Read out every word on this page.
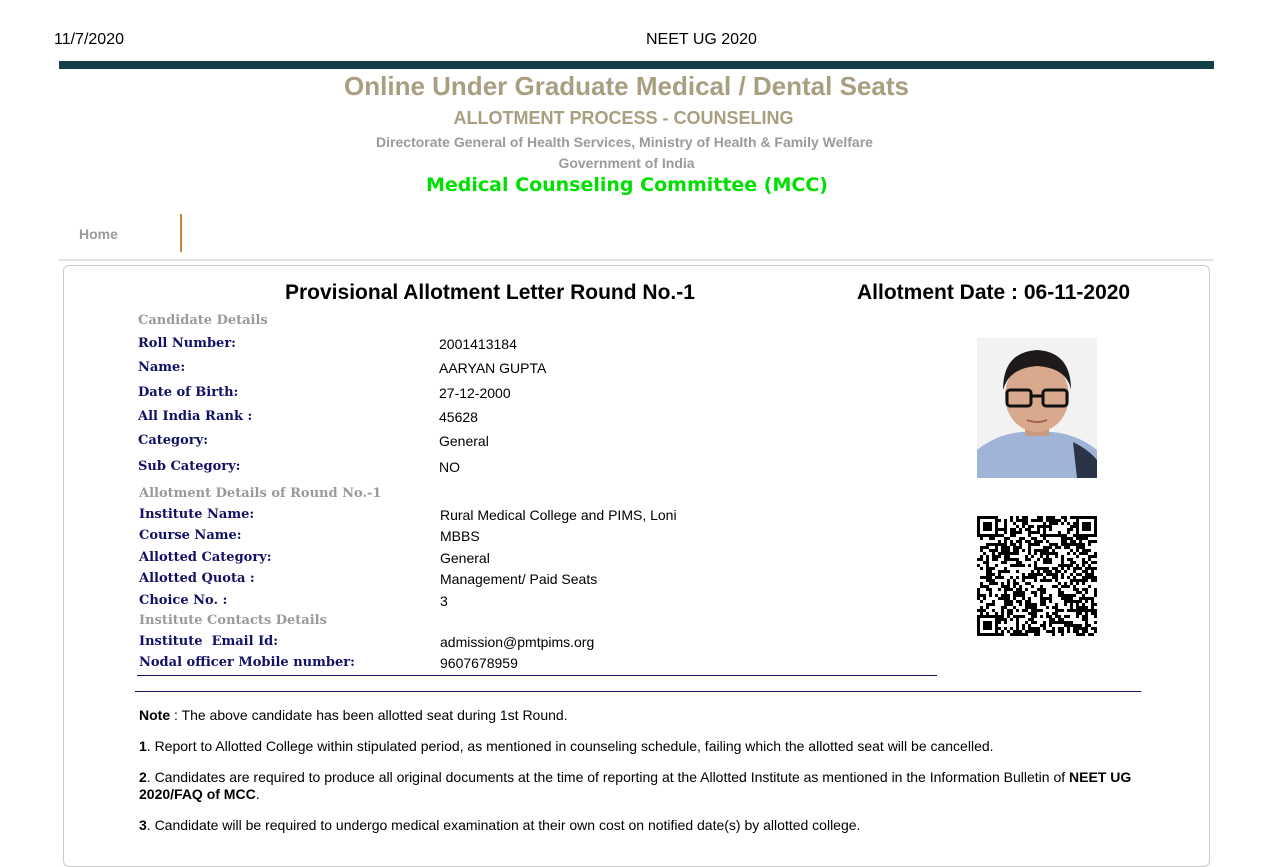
11/7/2020	NEET UG 2020
Online Under Graduate Medical / Dental Seats
ALLOTMENT PROCESS - COUNSELING
Directorate General of Health Services, Ministry of Health & Family Welfare
Government of India
Medical Counseling Committee (MCC)
Home
Provisional Allotment Letter Round No.-1	Allotment Date : 06-11-2020
Candidate Details
Roll Number:	2001413184
Name:	AARYAN GUPTA
Date of Birth:	27-12-2000
All India Rank :	45628
Category:	General
Sub Category:	NO
Allotment Details of Round No.-1
Institute Name:	Rural Medical College and PIMS, Loni
Course Name:	MBBS
Allotted Category:	General
Allotted Quota :	Management/ Paid Seats
Choice No. :	3
Institute Contacts Details
Institute  Email Id:	admission@pmtpims.org
Nodal officer Mobile number:	9607678959
Note : The above candidate has been allotted seat during 1st Round.
1. Report to Allotted College within stipulated period, as mentioned in counseling schedule, failing which the allotted seat will be cancelled.
2. Candidates are required to produce all original documents at the time of reporting at the Allotted Institute as mentioned in the Information Bulletin of NEET UG 2020/FAQ of MCC.
3. Candidate will be required to undergo medical examination at their own cost on notified date(s) by allotted college.
